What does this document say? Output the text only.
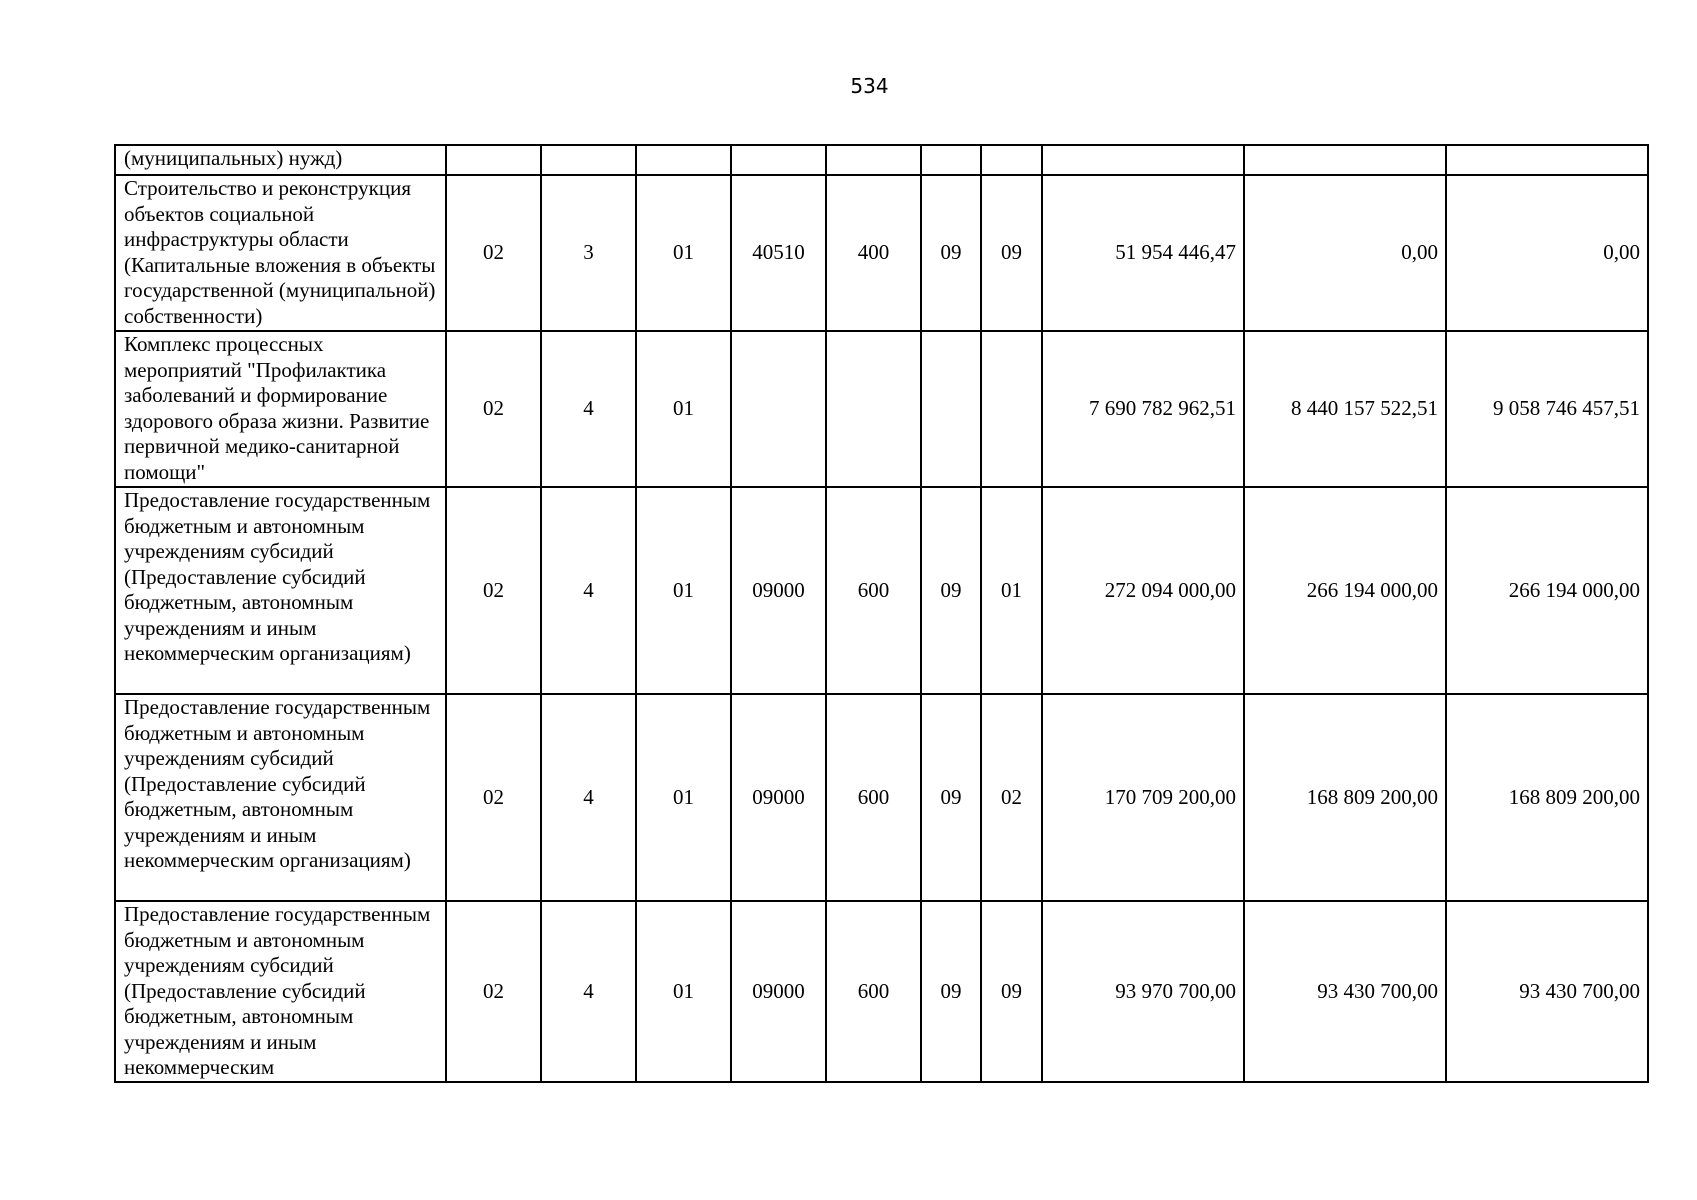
534
(муниципальных) нужд)										
Строительство и реконструкция объектов социальной инфраструктуры области (Капитальные вложения в объекты государственной (муниципальной) собственности)	02	3	01	40510	400	09	09	51 954 446,47	0,00	0,00
Комплекс процессных мероприятий "Профилактика заболеваний и формирование здорового образа жизни. Развитие первичной медико-санитарной помощи"	02	4	01					7 690 782 962,51	8 440 157 522,51	9 058 746 457,51
Предоставление государственным бюджетным и автономным учреждениям субсидий (Предоставление субсидий бюджетным, автономным учреждениям и иным некоммерческим организациям)	02	4	01	09000	600	09	01	272 094 000,00	266 194 000,00	266 194 000,00
Предоставление государственным бюджетным и автономным учреждениям субсидий (Предоставление субсидий бюджетным, автономным учреждениям и иным некоммерческим организациям)	02	4	01	09000	600	09	02	170 709 200,00	168 809 200,00	168 809 200,00
Предоставление государственным бюджетным и автономным учреждениям субсидий (Предоставление субсидий бюджетным, автономным учреждениям и иным некоммерческим	02	4	01	09000	600	09	09	93 970 700,00	93 430 700,00	93 430 700,00
